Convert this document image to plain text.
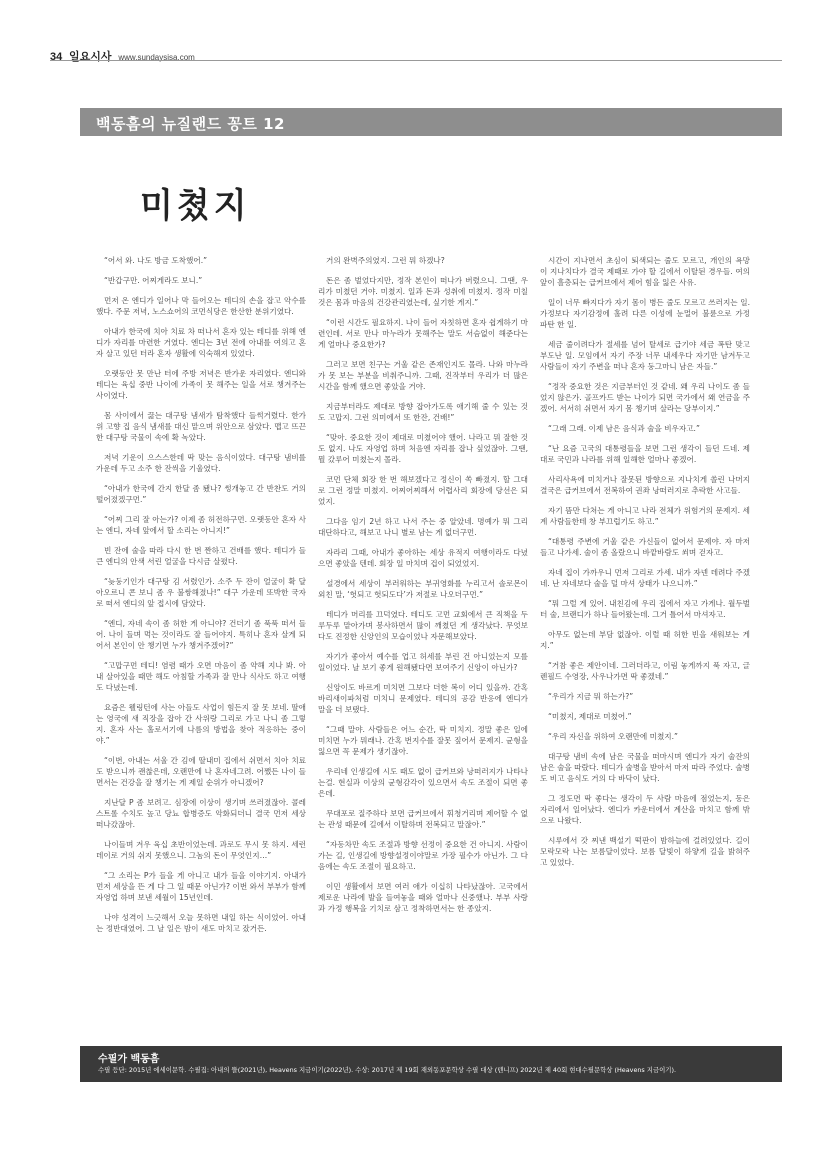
34 일요시사 www.sundaysisa.com
백동흠의 뉴질랜드 꽁트 12
미쳤지

“어서 와. 나도 방금 도착했어.”

“반갑구만. 어찌게라도 보니.”

먼저 온 엔디가 일어나 막 들어오는 테디의 손을 잡고 악수를 했다. 주문 저녁, 노스쇼어의 코먼식당은 한산한 분위기였다.

아내가 한국에 치아 치료 차 떠나서 혼자 있는 테디를 위해 엔디가 자리를 마련한 거였다. 엔디는 3년 전에 아내를 여의고 혼자 살고 있던 터라 혼자 생활에 익숙해져 있었다.

오랫동안 못 만난 터에 주방 저녁은 반가운 자리였다. 엔디와 테디는 육십 중반 나이에 가족이 못 해주는 일을 서로 챙겨주는 사이였다.

몸 사이에서 끓는 대구탕 냄새가 탐착했다 들썩거렸다. 한가위 고향 집 음식 냄새를 대신 맡으며 위안으로 삼았다. 맵고 뜨끈한 대구탕 국물이 속에 확 녹았다.

저녁 기운이 으스스한데 딱 맞는 음식이었다. 대구탕 냄비를 가운데 두고 소주 한 잔씩을 기울였다.

“아내가 한국에 간지 한달 좀 됐나? 썽개놓고 간 반찬도 거의 떨어졌겠구먼.”

“어찌 그리 잘 아는가? 이제 좀 허전하구먼. 오랫동안 혼자 사는 엔디, 자네 앞에서 할 소리는 아니지!”

빈 잔에 술을 따라 다시 한 번 짠하고 건배를 했다. 테디가 들큰 엔디의 안색 서린 얼굴을 다시금 살폈다.

“늦둥기인가 대구탕 김 서렸인가. 소주 두 잔이 얼굴이 확 달아오르니 콘 보니 좀 우 불쌍해졌나!” 대구 가운데 또박한 국자로 떠서 엔디의 앞 접시에 담았다.

“엔디, 자네 속이 좀 허한 게 아니야? 건더기 좀 푹푹 떠서 들어. 나이 들며 먹는 것이라도 잘 들어야지. 특히나 혼자 살게 되어서 본인이 안 챙기면 누가 챙겨주겠어?”

“고맙구먼 테디! 염렴 때가 오면 마음이 좀 약해 지나 봐. 아내 살아있을 때만 해도 아침할 가족과 잘 만나 식사도 하고 여행도 다녔는데.

요즘은 웰링턴에 사는 아들도 사업이 힘든지 잘 못 보네. 딸애는 영국에 새 직장을 잡아 간 사위랑 그리로 가고 나니 좀 그렇지. 혼자 사는 홀로서기에 나름의 방법을 찾아 적응하는 중이야.”

“이번, 아내는 서울 간 김에 딸내미 집에서 쉬면서 치아 치료도 받으니까 괜찮은데, 오랜만에 나 혼자네그려. 어쨌든 나이 들면서는 건강을 잘 챙기는 게 제일 순위가 아니겠어?

지난달 P 좀 보려고. 심장에 이상이 생기며 쓰러졌잖아. 콜레스트롤 수치도 높고 당뇨 합병증도 악화되더니 결국 먼저 세상 떠나갔잖아.

나이들며 겨우 육십 초반이었는데. 과로도 무시 못 하지. 세런데이로 거의 쉬지 못했으니. 그놈의 돈이 무엇인지…”

“그 소리는 P가 들을 게 아니고 내가 들을 이야기지. 아내가 먼저 세상을 뜬 게 다 그 일 때문 아닌가? 이번 와서 부부가 함께 자영업 하며 보낸 세월이 15년인데.

나야 성격이 느긋해서 오늘 못하면 내일 하는 식이었어. 아내는 정반대였어. 그 날 일은 밤이 새도 마치고 잤거든.

거의 완벽주의였지. 그런 뭐 하겠나?

돈은 좀 벌었다지만, 정작 본인이 떠나가 버렸으니. 그땐, 우리가 미쳤던 거야. 미쳤지. 일과 돈과 성취에 미쳤지. 정작 미칠 것은 몸과 마음의 건강관리였는데, 싶기한 게지.”

“이런 시간도 필요하지. 나이 들어 자칫하면 혼자 쉽게하기 마련인데. 서로 만나 마누라가 못해주는 말도 서슴없이 해준다는 게 얼마나 중요한가?

그러고 보면 친구는 거울 같은 존재인지도 몰라. 나와 마누라가 못 보는 부분을 비춰주니까. 그때, 진작부터 우리가 더 많은 시간을 함께 했으면 좋았을 거야.

지금부터라도 제대로 방향 잡아가도록 애기해 줄 수 있는 것도 고맙지. 그런 의미에서 또 한잔, 건배!”

“맞아. 중요한 것이 제대로 미쳤어야 했어. 나라고 뭐 잘한 것도 없지. 나도 자영업 하며 처음엔 자리를 잡나 싶었잖아. 그땐, 뭘 갔루어 미쳤는지 몰라.

코먼 단체 회장 한 번 해보겠다고 정신이 쏙 빠졌지. 할 그대로 그런 정말 미쳤지. 어찌어찌해서 어렵사리 회장에 당선은 되었지.

그다음 임기 2년 하고 나서 주는 중 알았네. 명예가 뭐 그리 대단하다고, 해보고 나니 별로 남는 게 없더구먼.

자라리 그때, 아내가 좋아하는 세상 유적지 여행이라도 다녔으면 좋았을 텐데. 회장 일 마치며 겁이 되었었지.

설경에서 세상이 부러워하는 부귀영화를 누리고서 솔로몬이 외친 말, ‘헛되고 헛되도다’가 저절로 나오더구먼.”

테디가 머리를 끄덕였다. 테디도 고먼 교회에서 큰 직책을 두루두루 맡아가며 봉사하면서 많이 깨쳤던 게 생각났다. 무엇보다도 진정한 신앙인의 모습이었나 자문해보았다.

자기가 좋아서 예수를 업고 허세를 부린 건 아니었는지 모를 일이었다. 날 보기 좋게 원해됐다면 보여주기 신앙이 아닌가?

신앙이도 바르게 미치면 그보다 더한 복이 어디 있을까. 간혹 바리새이파처럼 미치니 문제였다. 테디의 공감 반응에 엔디가 말을 더 보탰다.

“그때 말야. 사람들은 어느 순간, 딱 미치지. 정말 좋은 일에 미치면 누가 뭐래나. 간혹 번지수를 잘못 짚어서 문제지. 균형을 잃으면 꼭 문제가 생기잖아.

우리네 인생길에 시도 때도 없이 급커브와 낭떠러지가 나타나는걸. 현실과 이상의 균형감각이 있으면서 속도 조절이 되면 좋은데.

무대포로 질주하다 보면 급커브에서 휘청거리며 제어할 수 없는 관성 때문에 길에서 이탈하며 전복되고 말잖아.”

“자동차만 속도 조절과 방향 선정이 중요한 건 아니지. 사람이 가는 길, 인생길에 방향설정이야말로 가장 필수가 아닌가. 그 다음에는 속도 조절이 필요하고.

이민 생활에서 보면 여러 애가 이십히 나타났잖아. 고국에서 제로운 나라에 발을 들여놓을 때와 얼마나 신중했나. 부부 사랑과 가정 행복을 기치로 삼고 정착하면서는 한 종았지.

시간이 지나면서 초심이 퇴색되는 줄도 모르고, 개인의 욕망이 지나치다가 결국 제때로 가야 할 길에서 이탈된 경우들. 여의 앞이 흘층되는 급커브에서 제어 힘을 잃은 사유.

일이 너무 빠지다가 자기 몸이 병든 줄도 모르고 쓰러지는 일. 가정보다 자기감정에 홀려 다른 이성에 눈멀어 불륜으로 가정 파탄 한 일.

세금 줄이려다가 절세를 넘어 탈세로 급기야 세금 폭탄 맞고 부도난 일. 모임에서 자기 주장 너무 내세우다 자기만 남겨두고 사람들이 자기 주변을 떠나 혼자 둥그마니 남은 자들.”

“정작 중요한 것은 지금부터인 것 같네. 왜 우리 나이도 좀 들었지 않은가. 골프카드 받는 나이가 되면 국가에서 왜 연금을 주겠어. 서서히 쉬면서 자기 몸 챙기며 살라는 당부이지.”

“그래 그래. 이제 남은 음식과 술을 비우자고.”

“난 요즘 고국의 대통령들을 보면 그런 생각이 들던 드네. 제대로 국민과 나라를 위해 일해한 얼마나 좋겠어.

사리사욕에 미치거나 잘못된 방향으로 지나치게 쏠린 나머지 결국은 급커브에서 전복하여 권좌 낭떠러지로 추락한 사고들.

자기 뜸만 다쳐는 게 아니고 나라 전체가 위험거의 문제지. 세계 사람들한테 창 부끄럽기도 하고.”

“대통령 주변에 거울 같은 가신들이 없어서 문제야. 자 마저 들고 나가세. 술이 좀 올랐으니 바깥바람도 쐬며 걷자고.

자네 집이 가까우니 먼저 그리로 가세. 내가 자넨 데려다 주겠네. 난 자네보다 술을 덜 마셔 상태가 나으니까.”

“뭐 그럴 게 있어. 내친김에 우리 집에서 자고 가게나. 월두벌터 술, 브랜디가 하나 들어왔는데. 그거 틀어서 마셔자고.

아무도 없는데 부담 없잖아. 이럴 때 허한 빈을 새워보는 게지.”

“거참 좋은 제안이네. 그러더라고, 이림 놓게까지 푹 자고, 글렌필드 수영장, 사우나가면 딱 좋겠네.”

“우리가 지금 뭐 하는가?”

“미쳤지, 제대로 미쳤어.”

“우리 자신을 위하여 오랜만에 미쳤지.”

대구탕 냄비 속에 남은 국물을 떠마시며 엔디가 자기 술잔의 남은 술을 따랐다. 테디가 술병을 받아서 마저 따라 주었다. 술병도 비고 음식도 거의 다 바닥이 났다.

그 정도면 딱 좋다는 생각이 두 사람 마음에 점었는지, 동은 자리에서 일어났다. 엔디가 카운터에서 계산을 마치고 함께 밖으로 나왔다.

시루에서 갓 찌낸 백설기 떡판이 밤하늘에 걸려있었다. 길이 모락모락 나는 보름달이었다. 보름 달빛이 하얗게 길을 밝혀주고 있었다.

수필가 백동흠
수필 등단: 2015년 에세이문학. 수필집: 아내의 뜰(2021년), Heavens 지금이기(2022년). 수상: 2017년 제 19회 재외동포문학상 수필 대상 (텐니프) 2022년 제 40회 현대수필문학상 (Heavens 지금이기).
